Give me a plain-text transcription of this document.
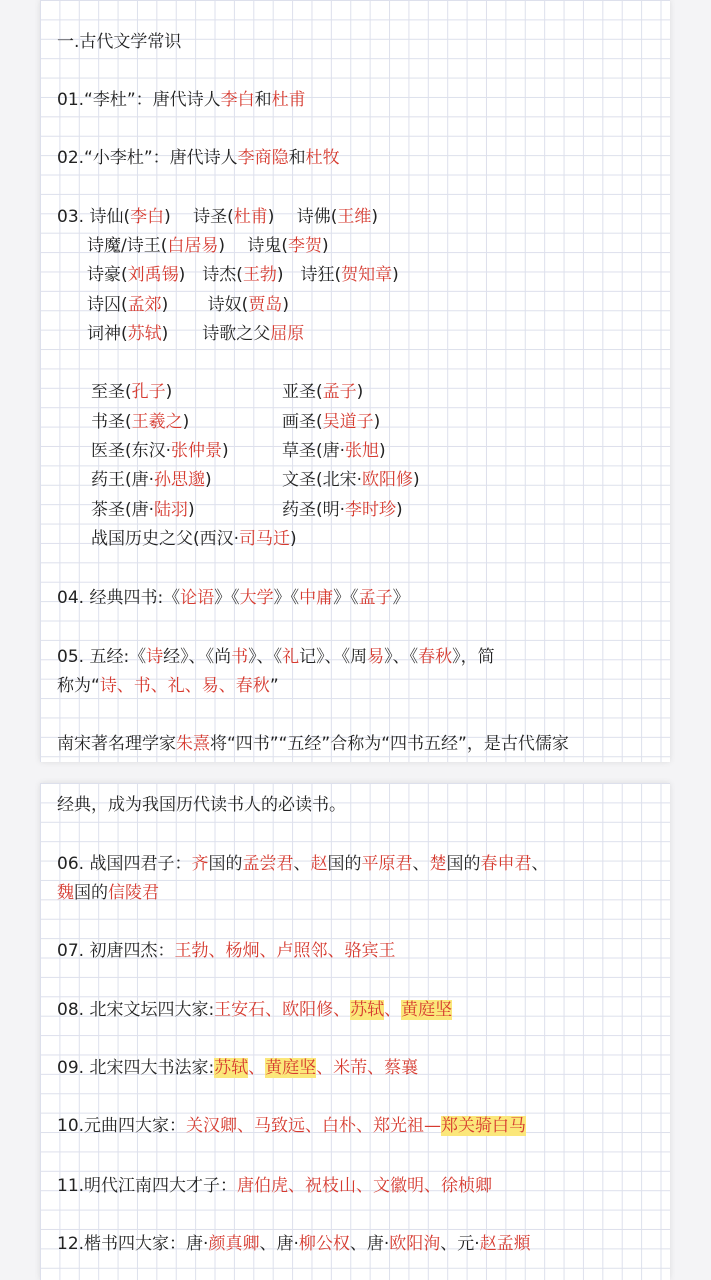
一.古代文学常识
01.“李杜”：唐代诗人李白和杜甫
02.“小李杜”：唐代诗人李商隐和杜牧
03. 诗仙(李白)　 诗圣(杜甫)　 诗佛(王维)
诗魔/诗王(白居易)　 诗鬼(李贺)
诗豪(刘禹锡)　诗杰(王勃)　诗狂(贺知章)
诗囚(孟郊)　　 诗奴(贾岛)
词神(苏轼)　　诗歌之父屈原
至圣(孔子)	亚圣(孟子)
书圣(王羲之)	画圣(吴道子)
医圣(东汉·张仲景)	草圣(唐·张旭)
药王(唐·孙思邈)	文圣(北宋·欧阳修)
茶圣(唐·陆羽)	药圣(明·李时珍)
战国历史之父(西汉·司马迁)
04. 经典四书:《论语》《大学》《中庸》《孟子》
05. 五经:《诗经》、《尚书》、《礼记》、《周易》、《春秋》，简
称为“诗、书、礼、易、春秋”
南宋著名理学家朱熹将“四书”“五经”合称为“四书五经”，是古代儒家
经典，成为我国历代读书人的必读书。
06. 战国四君子：齐国的孟尝君、赵国的平原君、楚国的春申君、
魏国的信陵君
07. 初唐四杰：王勃、杨炯、卢照邻、骆宾王
08. 北宋文坛四大家:王安石、欧阳修、苏轼、黄庭坚
09. 北宋四大书法家:苏轼、黄庭坚、米芾、蔡襄
10.元曲四大家：关汉卿、马致远、白朴、郑光祖—郑关骑白马
11.明代江南四大才子：唐伯虎、祝枝山、文徽明、徐桢卿
12.楷书四大家：唐·颜真卿、唐·柳公权、唐·欧阳洵、元·赵孟頫
